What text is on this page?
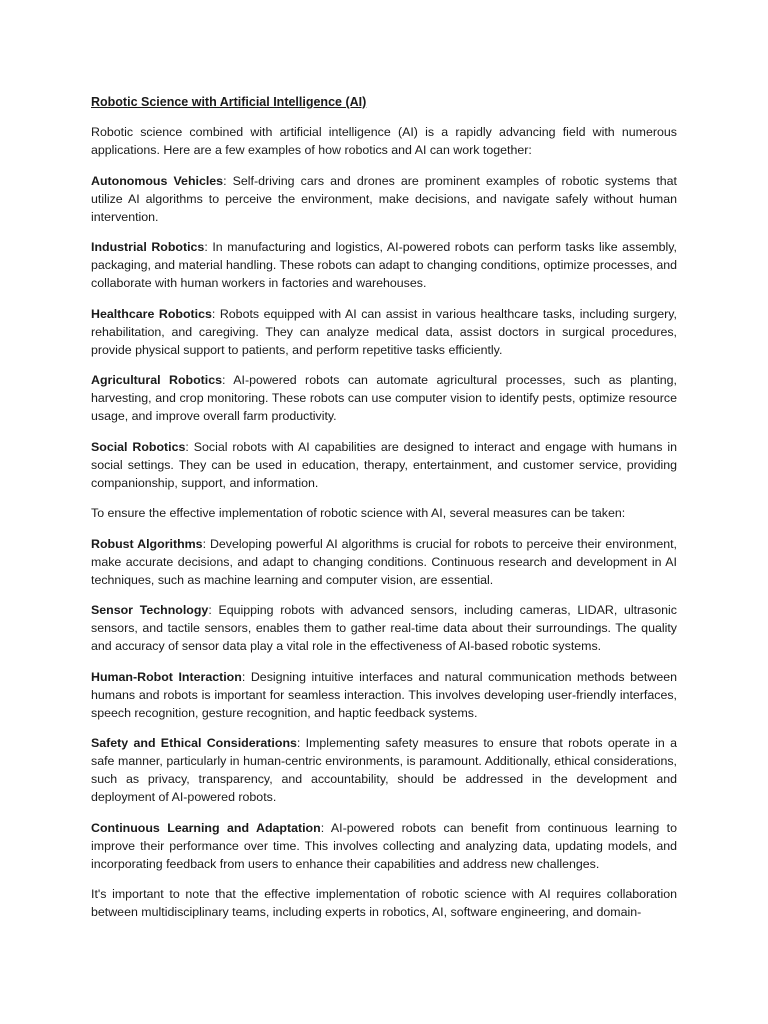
Robotic Science with Artificial Intelligence (AI)

Robotic science combined with artificial intelligence (AI) is a rapidly advancing field with numerous applications. Here are a few examples of how robotics and AI can work together:

Autonomous Vehicles: Self-driving cars and drones are prominent examples of robotic systems that utilize AI algorithms to perceive the environment, make decisions, and navigate safely without human intervention.

Industrial Robotics: In manufacturing and logistics, AI-powered robots can perform tasks like assembly, packaging, and material handling. These robots can adapt to changing conditions, optimize processes, and collaborate with human workers in factories and warehouses.

Healthcare Robotics: Robots equipped with AI can assist in various healthcare tasks, including surgery, rehabilitation, and caregiving. They can analyze medical data, assist doctors in surgical procedures, provide physical support to patients, and perform repetitive tasks efficiently.

Agricultural Robotics: AI-powered robots can automate agricultural processes, such as planting, harvesting, and crop monitoring. These robots can use computer vision to identify pests, optimize resource usage, and improve overall farm productivity.

Social Robotics: Social robots with AI capabilities are designed to interact and engage with humans in social settings. They can be used in education, therapy, entertainment, and customer service, providing companionship, support, and information.

To ensure the effective implementation of robotic science with AI, several measures can be taken:

Robust Algorithms: Developing powerful AI algorithms is crucial for robots to perceive their environment, make accurate decisions, and adapt to changing conditions. Continuous research and development in AI techniques, such as machine learning and computer vision, are essential.

Sensor Technology: Equipping robots with advanced sensors, including cameras, LIDAR, ultrasonic sensors, and tactile sensors, enables them to gather real-time data about their surroundings. The quality and accuracy of sensor data play a vital role in the effectiveness of AI-based robotic systems.

Human-Robot Interaction: Designing intuitive interfaces and natural communication methods between humans and robots is important for seamless interaction. This involves developing user-friendly interfaces, speech recognition, gesture recognition, and haptic feedback systems.

Safety and Ethical Considerations: Implementing safety measures to ensure that robots operate in a safe manner, particularly in human-centric environments, is paramount. Additionally, ethical considerations, such as privacy, transparency, and accountability, should be addressed in the development and deployment of AI-powered robots.

Continuous Learning and Adaptation: AI-powered robots can benefit from continuous learning to improve their performance over time. This involves collecting and analyzing data, updating models, and incorporating feedback from users to enhance their capabilities and address new challenges.

It's important to note that the effective implementation of robotic science with AI requires collaboration between multidisciplinary teams, including experts in robotics, AI, software engineering, and domain-
